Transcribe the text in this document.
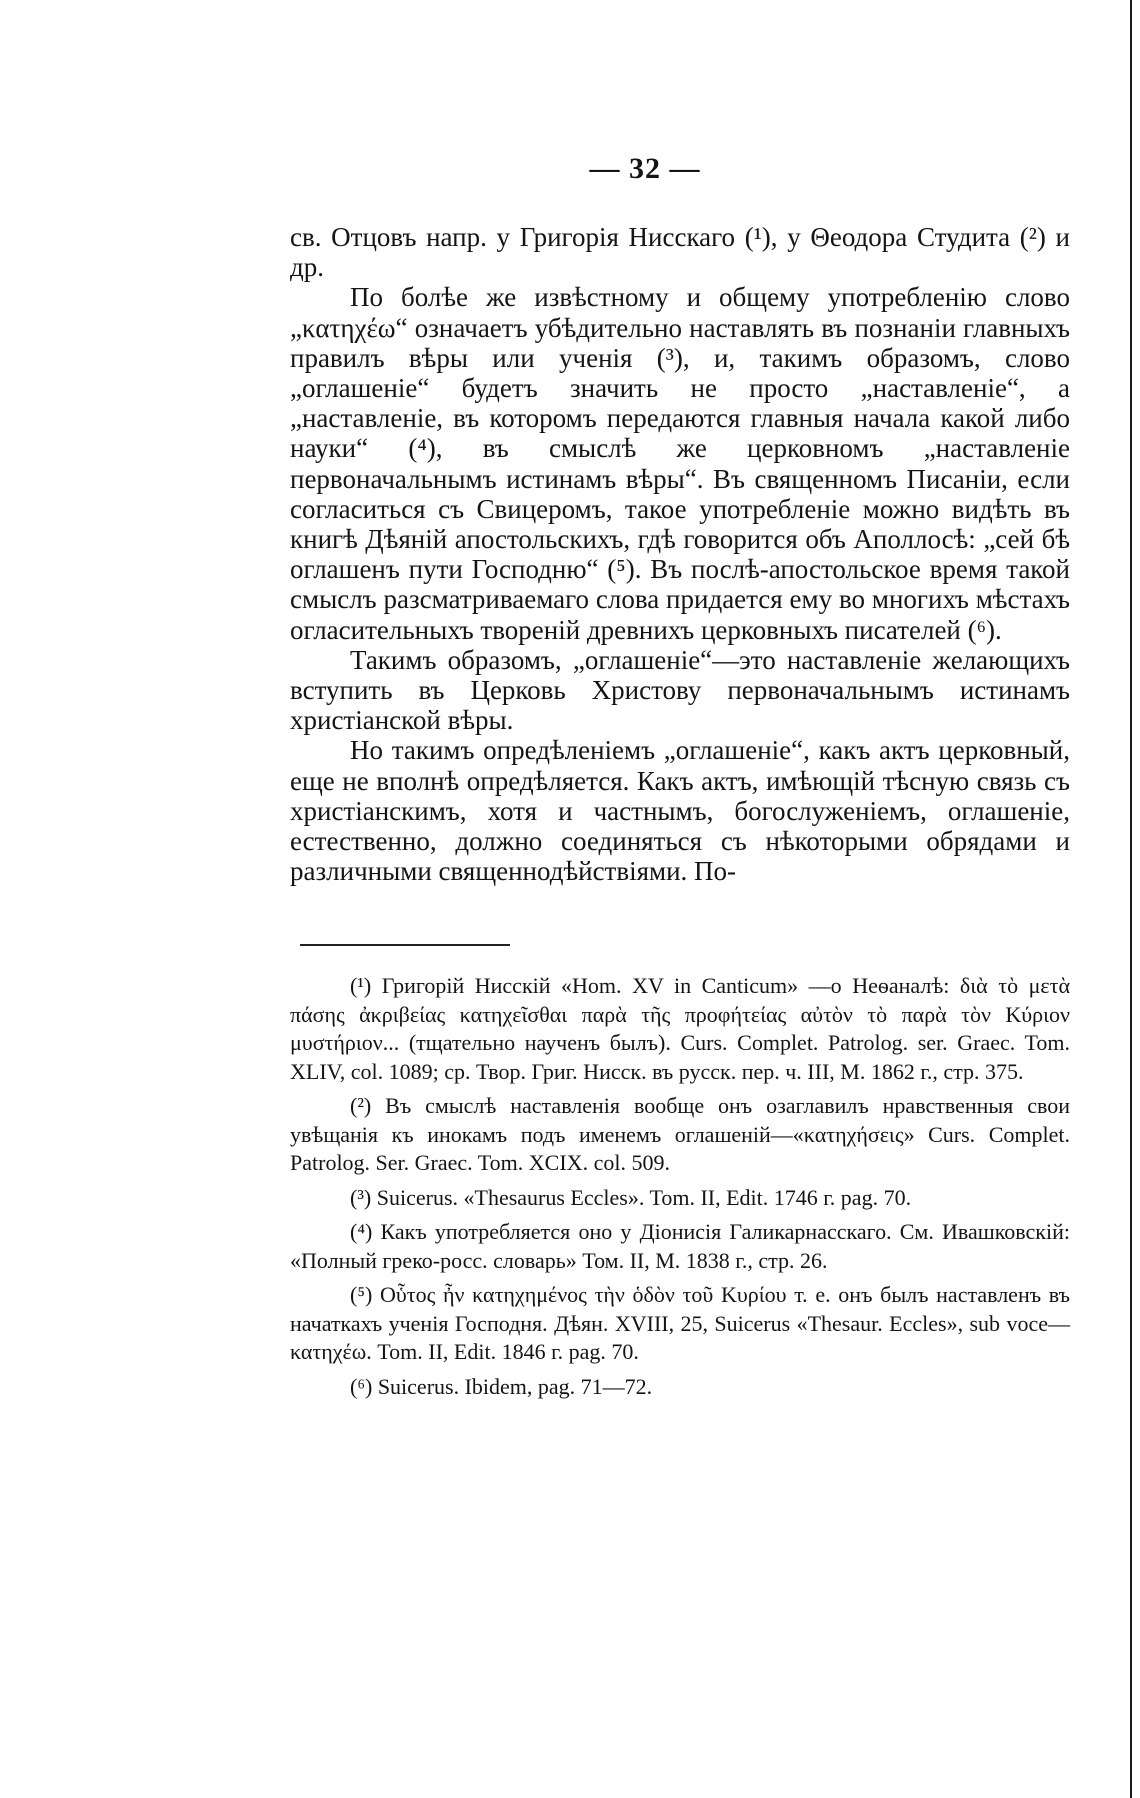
— 32 —

св. Отцовъ напр. у Григорія Нисскаго (¹), у Θеодора Студита (²) и др.

По болѣе же извѣстному и общему употребленію слово „κατηχέω“ означаетъ убѣдительно наставлять въ познаніи главныхъ правилъ вѣры или ученія (³), и, такимъ образомъ, слово „оглашеніе“ будетъ значить не просто „наставленіе“, а „наставленіе, въ которомъ передаются главныя начала какой либо науки“ (⁴), въ смыслѣ же церковномъ „наставленіе первоначальнымъ истинамъ вѣры“. Въ священномъ Писаніи, если согласиться съ Свицеромъ, такое употребленіе можно видѣть въ книгѣ Дѣяній апостольскихъ, гдѣ говорится объ Аполлосѣ: „сей бѣ оглашенъ пути Господню“ (⁵). Въ послѣ-апостольское время такой смыслъ разсматриваемаго слова придается ему во многихъ мѣстахъ огласительныхъ твореній древнихъ церковныхъ писателей (⁶).

Такимъ образомъ, „оглашеніе“—это наставленіе желающихъ вступить въ Церковь Христову первоначальнымъ истинамъ христіанской вѣры.

Но такимъ опредѣленіемъ „оглашеніе“, какъ актъ церковный, еще не вполнѣ опредѣляется. Какъ актъ, имѣющій тѣсную связь съ христіанскимъ, хотя и частнымъ, богослуженіемъ, оглашеніе, естественно, должно соединяться съ нѣкоторыми обрядами и различными священнодѣйствіями. По-

(¹) Григорій Нисскій «Hom. XV in Canticum» —о Неѳаналѣ: διὰ τὸ μετὰ πάσης ἀκριβείας κατηχεῖσθαι παρὰ τῆς προφήτείας αὐτὸν τὸ παρὰ τὸν Κύριον μυστήριον... (тщательно наученъ былъ). Curs. Complet. Patrolog. ser. Graec. Tom. XLIV, col. 1089; ср. Твор. Григ. Нисск. въ русск. пер. ч. III, М. 1862 г., стр. 375.

(²) Въ смыслѣ наставленія вообще онъ озаглавилъ нравственныя свои увѣщанія къ инокамъ подъ именемъ оглашеній—«κατηχήσεις» Curs. Complet. Patrolog. Ser. Graec. Tom. XCIX. col. 509.

(³) Suicerus. «Thesaurus Eccles». Tom. II, Edit. 1746 г. pag. 70.

(⁴) Какъ употребляется оно у Діонисія Галикарнасскаго. См. Ивашковскій: «Полный греко-росс. словарь» Том. II, М. 1838 г., стр. 26.

(⁵) Οὗτος ἦν κατηχημένος τὴν ὁδὸν τοῦ Κυρίου т. е. онъ былъ наставленъ въ начаткахъ ученія Господня. Дѣян. XVIII, 25, Suicerus «Thesaur. Eccles», sub voce—κατηχέω. Tom. II, Edit. 1846 г. pag. 70.

(⁶) Suicerus. Ibidem, pag. 71—72.
